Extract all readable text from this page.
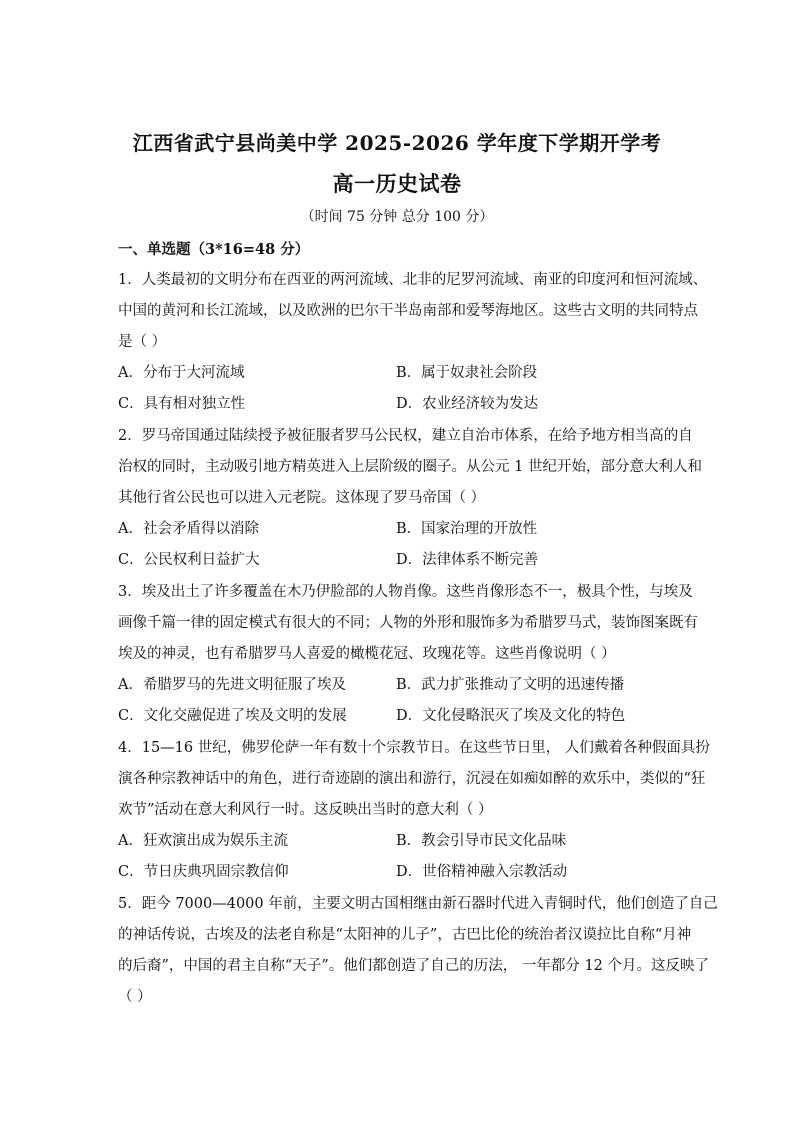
江西省武宁县尚美中学 2025-2026 学年度下学期开学考
高一历史试卷
（时间 75 分钟 总分 100 分）
一、单选题（3*16=48 分）
1．人类最初的文明分布在西亚的两河流域、北非的尼罗河流域、南亚的印度河和恒河流域、
中国的黄河和长江流域，以及欧洲的巴尔干半岛南部和爱琴海地区。这些古文明的共同特点
是（ ）
A．分布于大河流域	B．属于奴隶社会阶段
C．具有相对独立性	D．农业经济较为发达
2．罗马帝国通过陆续授予被征服者罗马公民权，建立自治市体系，在给予地方相当高的自
治权的同时，主动吸引地方精英进入上层阶级的圈子。从公元 1 世纪开始，部分意大利人和
其他行省公民也可以进入元老院。这体现了罗马帝国（ ）
A．社会矛盾得以消除	B．国家治理的开放性
C．公民权利日益扩大	D．法律体系不断完善
3．埃及出土了许多覆盖在木乃伊脸部的人物肖像。这些肖像形态不一，极具个性，与埃及
画像千篇一律的固定模式有很大的不同；人物的外形和服饰多为希腊罗马式，装饰图案既有
埃及的神灵，也有希腊罗马人喜爱的橄榄花冠、玫瑰花等。这些肖像说明（ ）
A．希腊罗马的先进文明征服了埃及	B．武力扩张推动了文明的迅速传播
C．文化交融促进了埃及文明的发展	D．文化侵略泯灭了埃及文化的特色
4．15—16 世纪，佛罗伦萨一年有数十个宗教节日。在这些节日里， 人们戴着各种假面具扮
演各种宗教神话中的角色，进行奇迹剧的演出和游行，沉浸在如痴如醉的欢乐中，类似的“狂
欢节”活动在意大利风行一时。这反映出当时的意大利（ ）
A．狂欢演出成为娱乐主流	B．教会引导市民文化品味
C．节日庆典巩固宗教信仰	D．世俗精神融入宗教活动
5．距今 7000—4000 年前，主要文明古国相继由新石器时代进入青铜时代，他们创造了自己
的神话传说，古埃及的法老自称是“太阳神的儿子”，古巴比伦的统治者汉谟拉比自称“月神
的后裔”，中国的君主自称“天子”。他们都创造了自己的历法， 一年都分 12 个月。这反映了
（ ）
